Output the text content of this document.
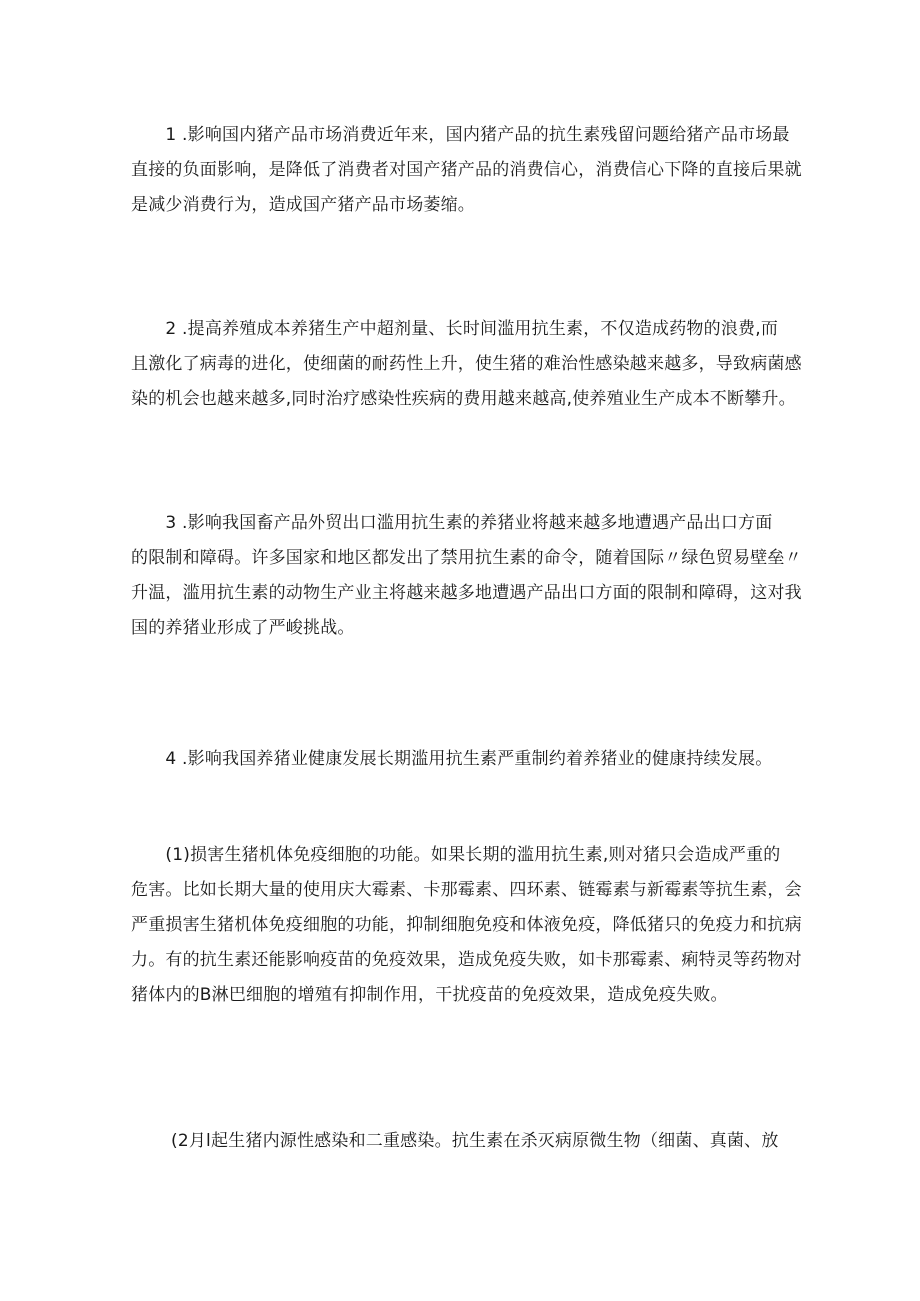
　　1 .影响国内猪产品市场消费近年来，国内猪产品的抗生素残留问题给猪产品市场最
直接的负面影响，是降低了消费者对国产猪产品的消费信心，消费信心下降的直接后果就
是减少消费行为，造成国产猪产品市场萎缩。

　　2 .提高养殖成本养猪生产中超剂量、长时间滥用抗生素，不仅造成药物的浪费,而
且激化了病毒的进化，使细菌的耐药性上升，使生猪的难治性感染越来越多，导致病菌感
染的机会也越来越多,同时治疗感染性疾病的费用越来越高,使养殖业生产成本不断攀升。

　　3 .影响我国畜产品外贸出口滥用抗生素的养猪业将越来越多地遭遇产品出口方面
的限制和障碍。许多国家和地区都发出了禁用抗生素的命令，随着国际〃绿色贸易壁垒〃
升温，滥用抗生素的动物生产业主将越来越多地遭遇产品出口方面的限制和障碍，这对我
国的养猪业形成了严峻挑战。

　　4 .影响我国养猪业健康发展长期滥用抗生素严重制约着养猪业的健康持续发展。

　　(1)损害生猪机体免疫细胞的功能。如果长期的滥用抗生素,则对猪只会造成严重的
危害。比如长期大量的使用庆大霉素、卡那霉素、四环素、链霉素与新霉素等抗生素，会
严重损害生猪机体免疫细胞的功能，抑制细胞免疫和体液免疫，降低猪只的免疫力和抗病
力。有的抗生素还能影响疫苗的免疫效果，造成免疫失败，如卡那霉素、痢特灵等药物对
猪体内的B淋巴细胞的增殖有抑制作用，干扰疫苗的免疫效果，造成免疫失败。

　　 (2月l起生猪内源性感染和二重感染。抗生素在杀灭病原微生物（细菌、真菌、放
